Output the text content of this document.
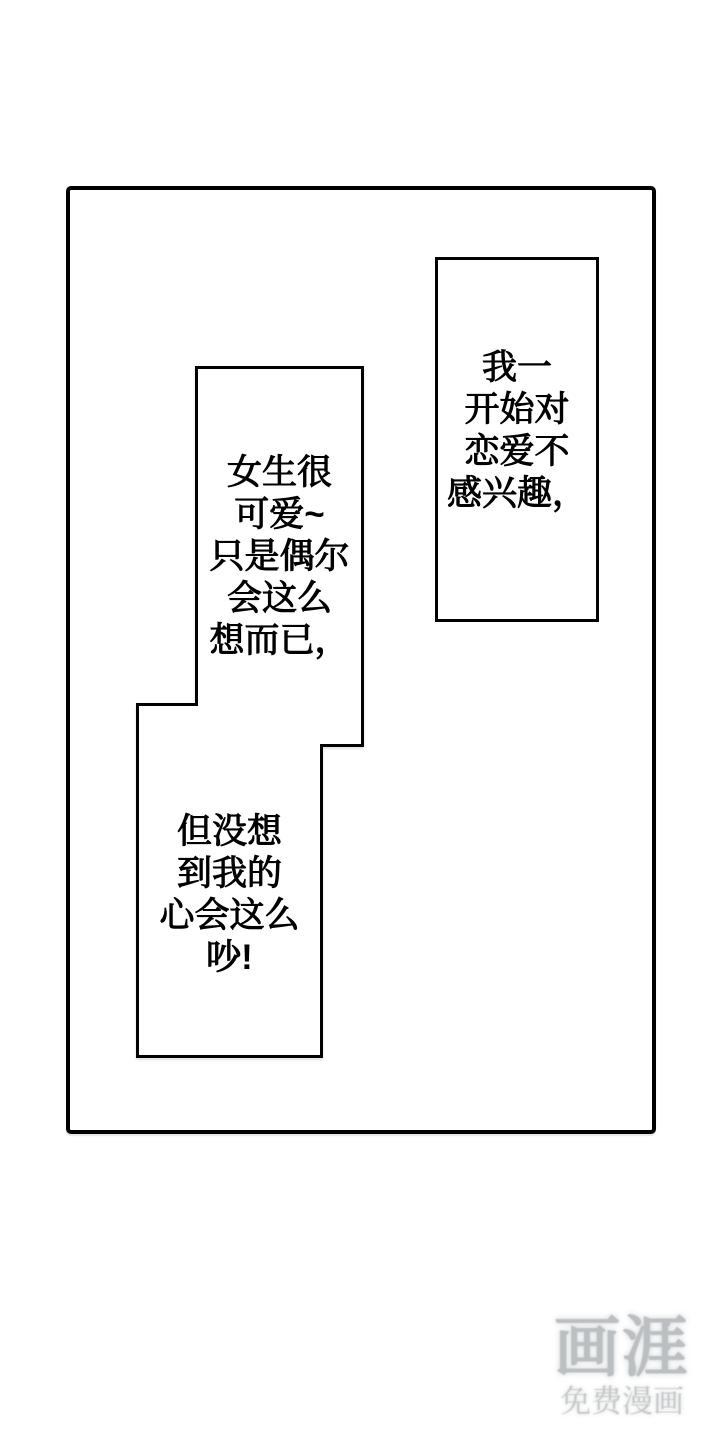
我一
开始对
恋爱不
感兴趣，
女生很
可爱~
只是偶尔
会这么
想而已，
但没想
到我的
心会这么
吵!
画涯
免费漫画
